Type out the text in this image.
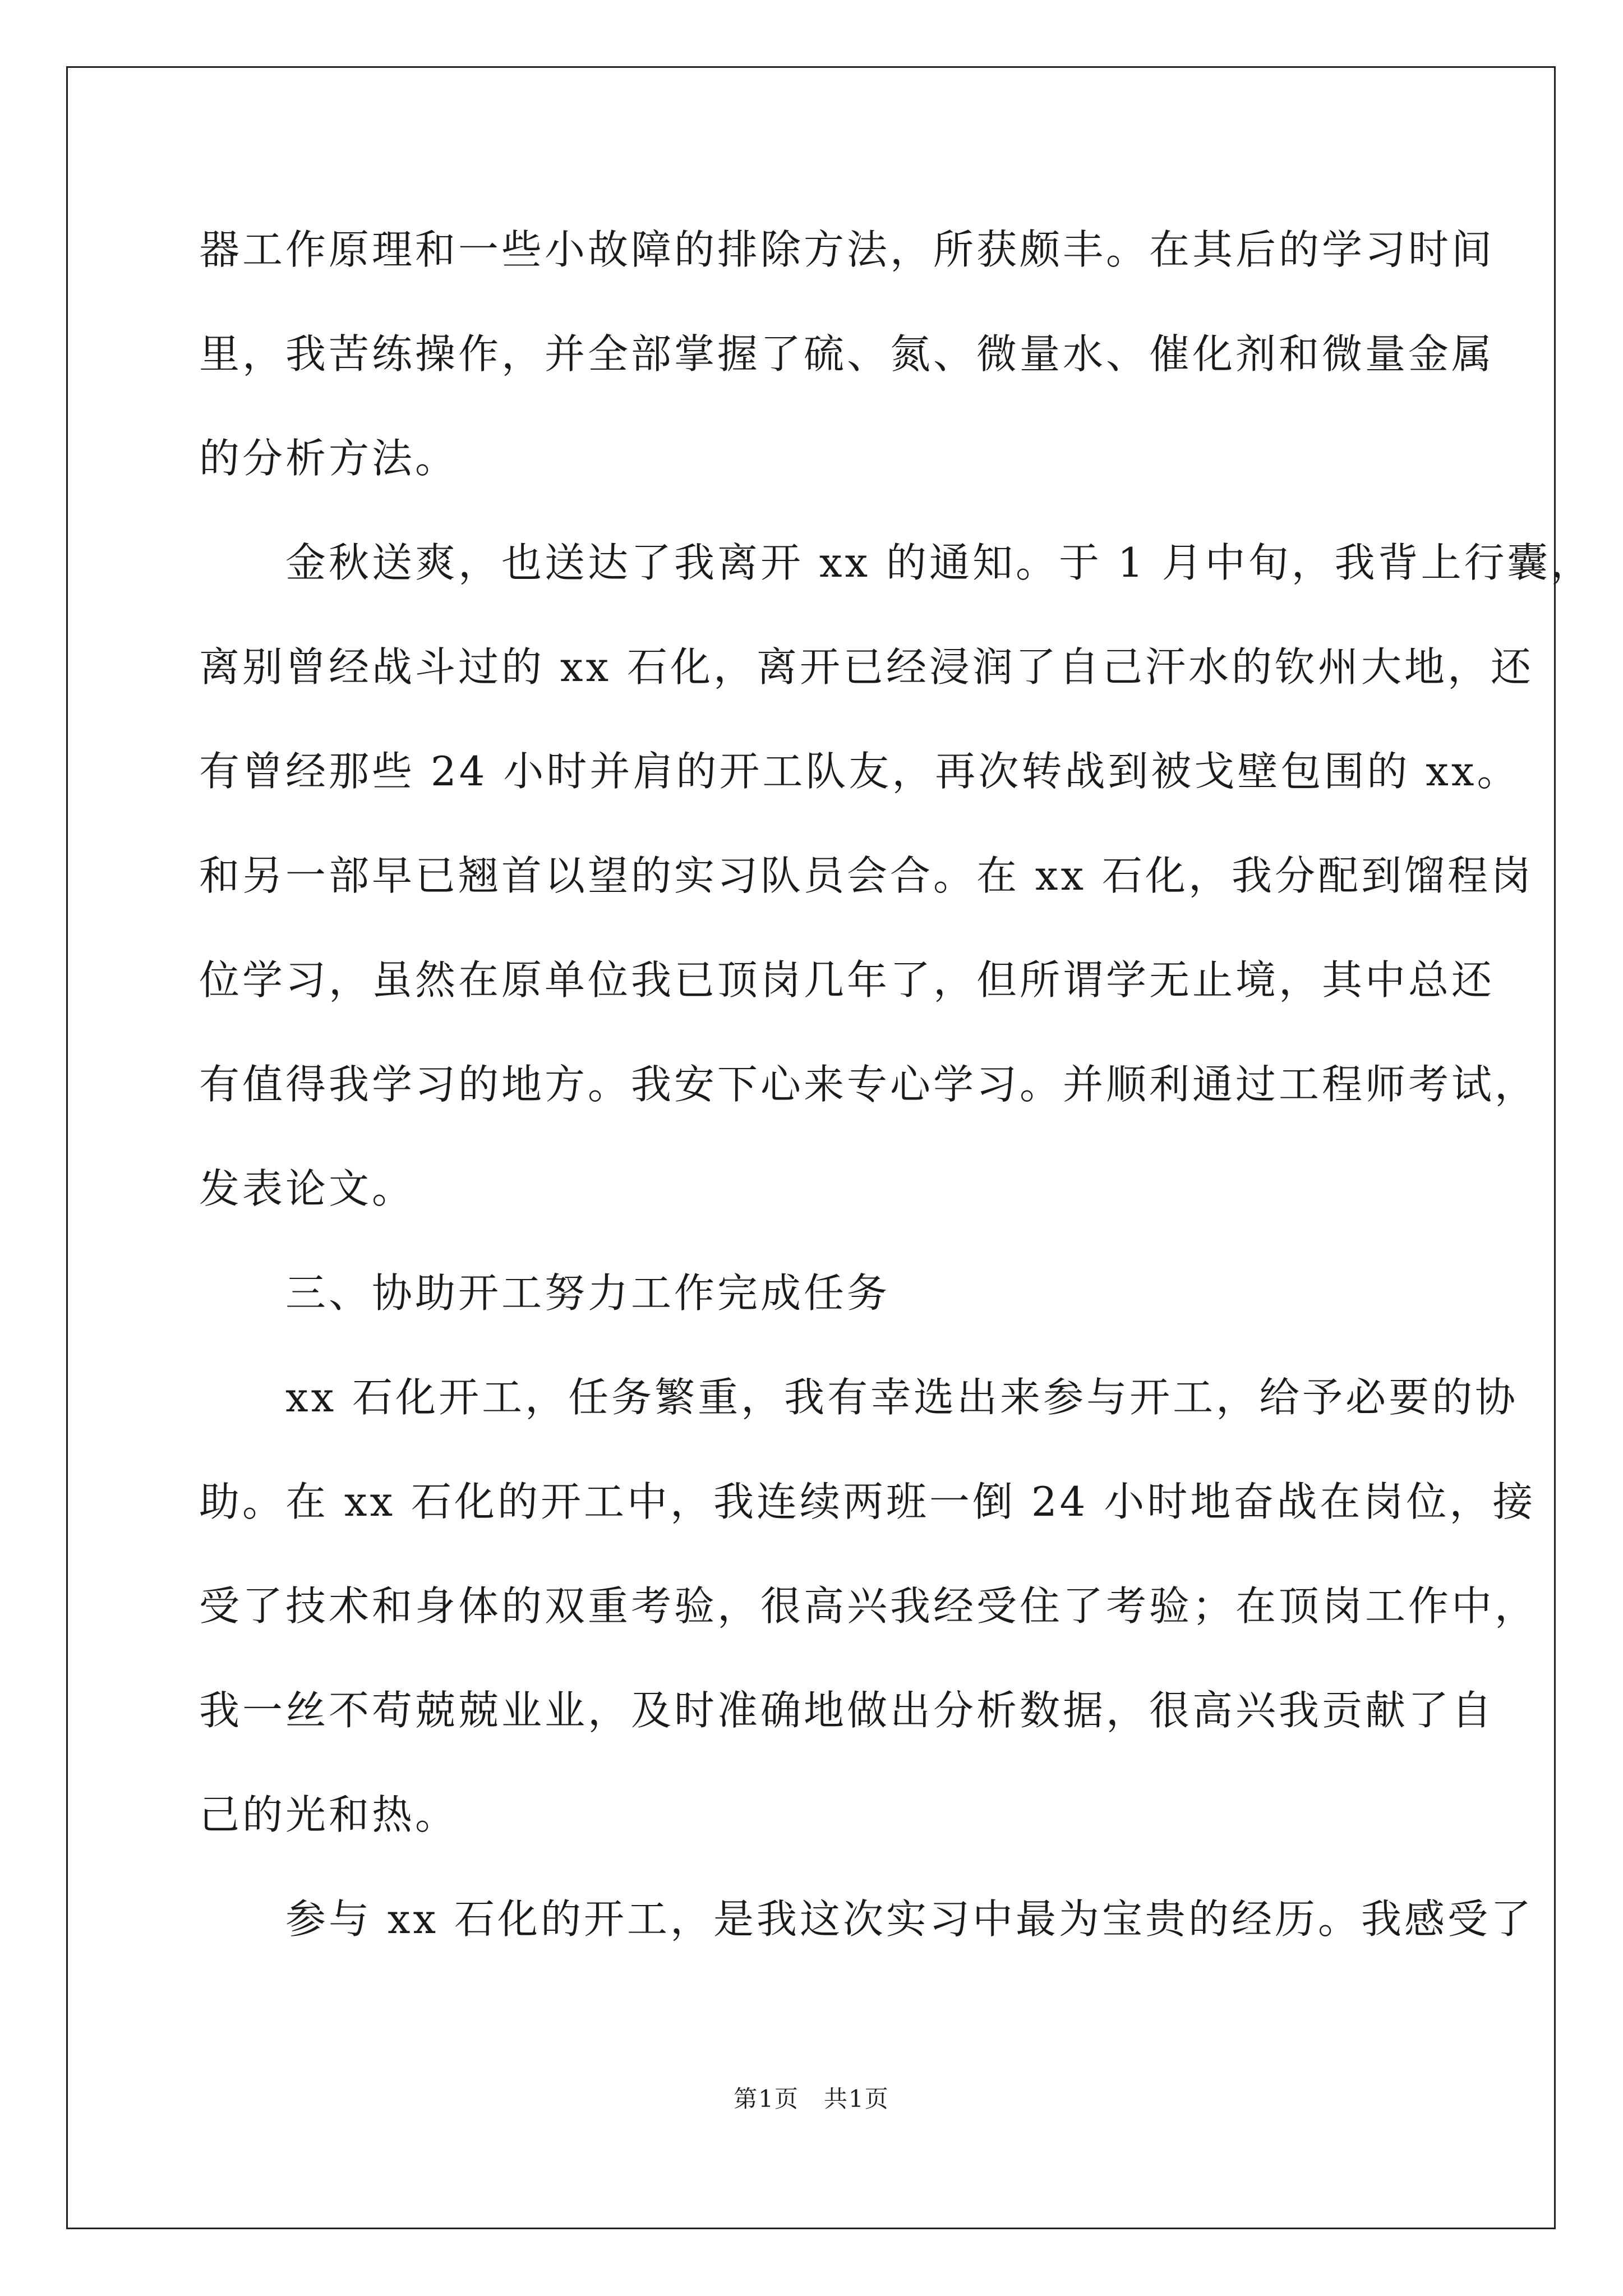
器工作原理和一些小故障的排除方法，所获颇丰。在其后的学习时间
里，我苦练操作，并全部掌握了硫、氮、微量水、催化剂和微量金属
的分析方法。
　　金秋送爽，也送达了我离开 xx 的通知。于 1 月中旬，我背上行囊，
离别曾经战斗过的 xx 石化，离开已经浸润了自己汗水的钦州大地，还
有曾经那些 24 小时并肩的开工队友，再次转战到被戈壁包围的 xx。
和另一部早已翘首以望的实习队员会合。在 xx 石化，我分配到馏程岗
位学习，虽然在原单位我已顶岗几年了，但所谓学无止境，其中总还
有值得我学习的地方。我安下心来专心学习。并顺利通过工程师考试，
发表论文。
　　三、协助开工努力工作完成任务
　　xx 石化开工，任务繁重，我有幸选出来参与开工，给予必要的协
助。在 xx 石化的开工中，我连续两班一倒 24 小时地奋战在岗位，接
受了技术和身体的双重考验，很高兴我经受住了考验；在顶岗工作中，
我一丝不苟兢兢业业，及时准确地做出分析数据，很高兴我贡献了自
己的光和热。
　　参与 xx 石化的开工，是我这次实习中最为宝贵的经历。我感受了
第1页　共1页
